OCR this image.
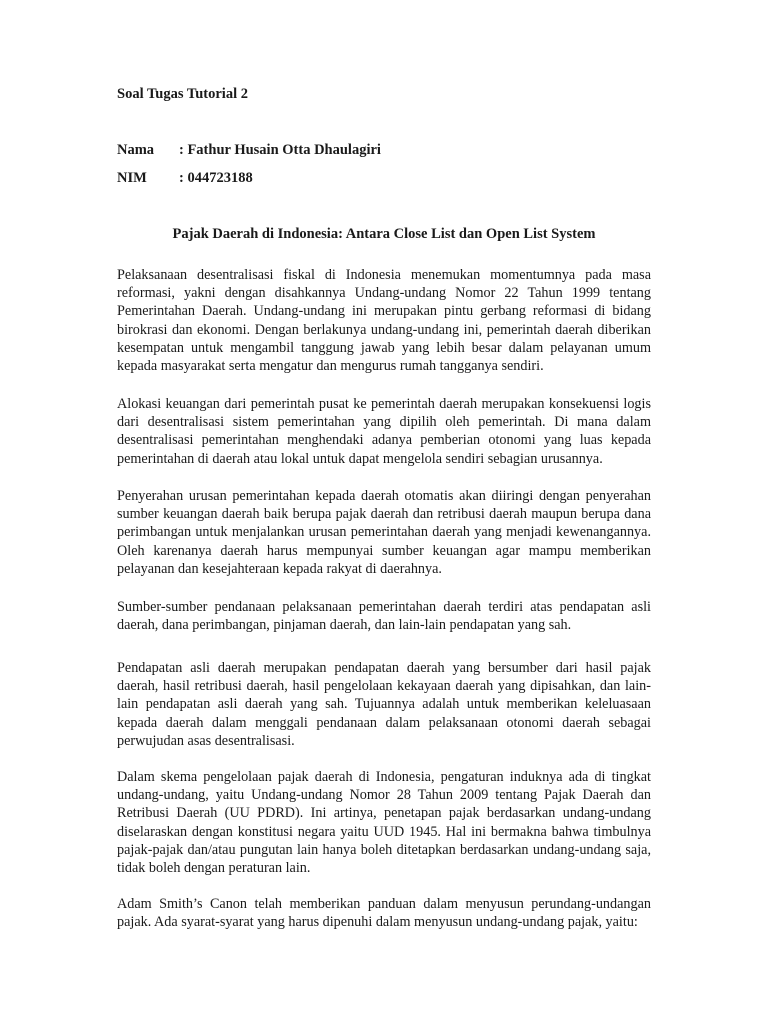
Soal Tugas Tutorial 2
Nama : Fathur Husain Otta Dhaulagiri
NIM : 044723188
Pajak Daerah di Indonesia: Antara Close List dan Open List System

Pelaksanaan desentralisasi fiskal di Indonesia menemukan momentumnya pada masa reformasi, yakni dengan disahkannya Undang-undang Nomor 22 Tahun 1999 tentang Pemerintahan Daerah. Undang-undang ini merupakan pintu gerbang reformasi di bidang birokrasi dan ekonomi. Dengan berlakunya undang-undang ini, pemerintah daerah diberikan kesempatan untuk mengambil tanggung jawab yang lebih besar dalam pelayanan umum kepada masyarakat serta mengatur dan mengurus rumah tangganya sendiri.

Alokasi keuangan dari pemerintah pusat ke pemerintah daerah merupakan konsekuensi logis dari desentralisasi sistem pemerintahan yang dipilih oleh pemerintah. Di mana dalam desentralisasi pemerintahan menghendaki adanya pemberian otonomi yang luas kepada pemerintahan di daerah atau lokal untuk dapat mengelola sendiri sebagian urusannya.

Penyerahan urusan pemerintahan kepada daerah otomatis akan diiringi dengan penyerahan sumber keuangan daerah baik berupa pajak daerah dan retribusi daerah maupun berupa dana perimbangan untuk menjalankan urusan pemerintahan daerah yang menjadi kewenangannya. Oleh karenanya daerah harus mempunyai sumber keuangan agar mampu memberikan pelayanan dan kesejahteraan kepada rakyat di daerahnya.

Sumber-sumber pendanaan pelaksanaan pemerintahan daerah terdiri atas pendapatan asli daerah, dana perimbangan, pinjaman daerah, dan lain-lain pendapatan yang sah.

Pendapatan asli daerah merupakan pendapatan daerah yang bersumber dari hasil pajak daerah, hasil retribusi daerah, hasil pengelolaan kekayaan daerah yang dipisahkan, dan lain-lain pendapatan asli daerah yang sah. Tujuannya adalah untuk memberikan keleluasaan kepada daerah dalam menggali pendanaan dalam pelaksanaan otonomi daerah sebagai perwujudan asas desentralisasi.

Dalam skema pengelolaan pajak daerah di Indonesia, pengaturan induknya ada di tingkat undang-undang, yaitu Undang-undang Nomor 28 Tahun 2009 tentang Pajak Daerah dan Retribusi Daerah (UU PDRD). Ini artinya, penetapan pajak berdasarkan undang-undang diselaraskan dengan konstitusi negara yaitu UUD 1945. Hal ini bermakna bahwa timbulnya pajak-pajak dan/atau pungutan lain hanya boleh ditetapkan berdasarkan undang-undang saja, tidak boleh dengan peraturan lain.

Adam Smith’s Canon telah memberikan panduan dalam menyusun perundang-undangan pajak. Ada syarat-syarat yang harus dipenuhi dalam menyusun undang-undang pajak, yaitu:
